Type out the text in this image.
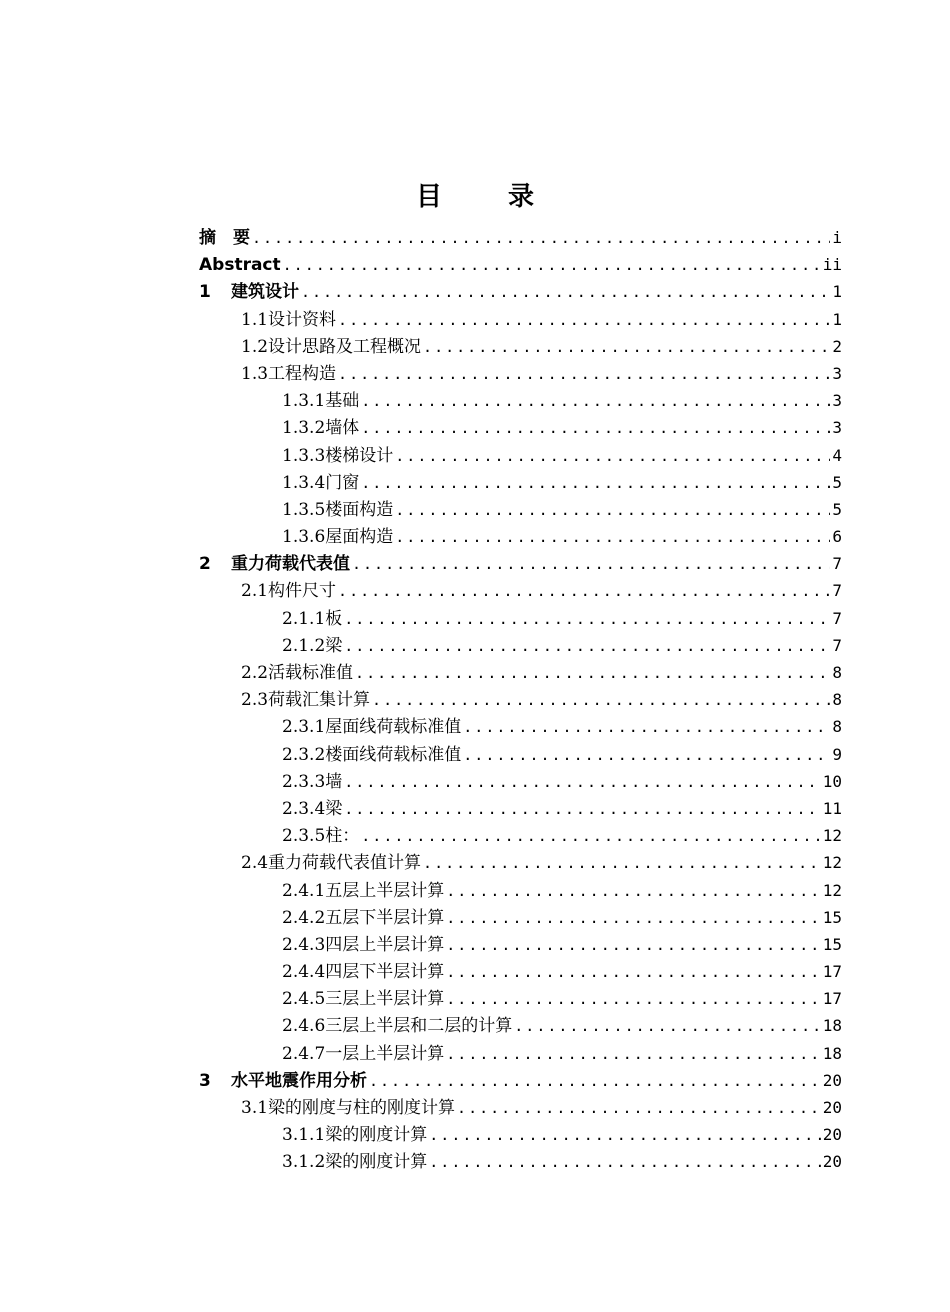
目　录
摘　要 .....	i
Abstract .....	ii
1 建筑设计 .....	1
1.1设计资料 .....	1
1.2设计思路及工程概况 .....	2
1.3工程构造 .....	3
1.3.1基础 .....	3
1.3.2墙体 .....	3
1.3.3楼梯设计 .....	4
1.3.4门窗 .....	5
1.3.5楼面构造 .....	5
1.3.6屋面构造 .....	6
2 重力荷载代表值 .....	7
2.1构件尺寸 .....	7
2.1.1板 .....	7
2.1.2梁 .....	7
2.2活载标准值 .....	8
2.3荷载汇集计算 .....	8
2.3.1屋面线荷载标准值 .....	8
2.3.2楼面线荷载标准值 .....	9
2.3.3墙 .....	10
2.3.4梁 .....	11
2.3.5柱： .....	12
2.4重力荷载代表值计算 .....	12
2.4.1五层上半层计算 .....	12
2.4.2五层下半层计算 .....	15
2.4.3四层上半层计算 .....	15
2.4.4四层下半层计算 .....	17
2.4.5三层上半层计算 .....	17
2.4.6三层上半层和二层的计算 .....	18
2.4.7一层上半层计算 .....	18
3 水平地震作用分析 .....	20
3.1梁的刚度与柱的刚度计算 .....	20
3.1.1梁的刚度计算 .....	20
3.1.2梁的刚度计算 .....	20
